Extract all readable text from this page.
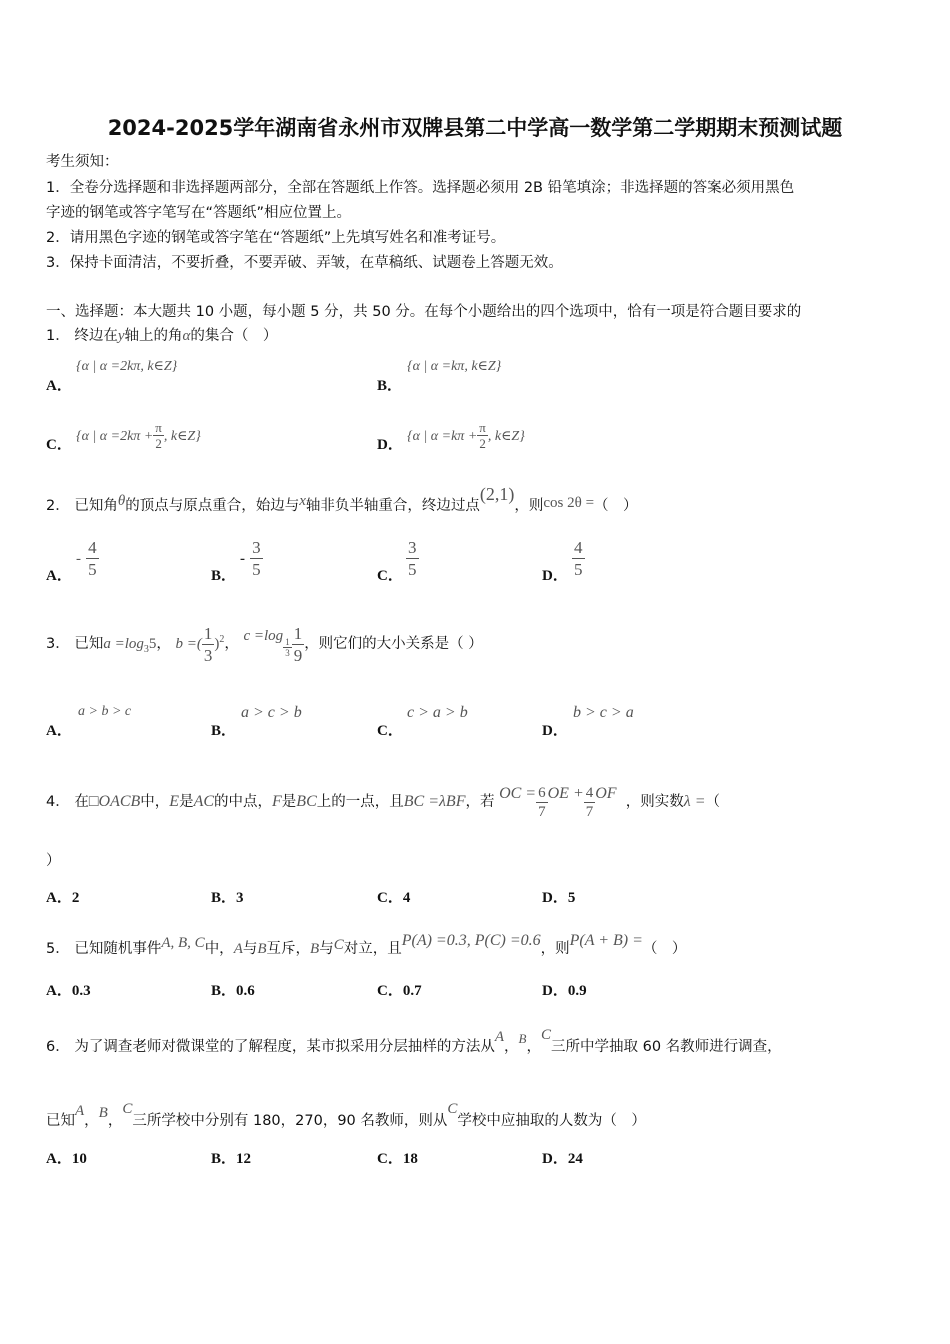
2024-2025学年湖南省永州市双牌县第二中学高一数学第二学期期末预测试题
考生须知：
1．全卷分选择题和非选择题两部分，全部在答题纸上作答。选择题必须用 2B 铅笔填涂；非选择题的答案必须用黑色
字迹的钢笔或答字笔写在“答题纸”相应位置上。
2．请用黑色字迹的钢笔或答字笔在“答题纸”上先填写姓名和准考证号。
3．保持卡面清洁，不要折叠，不要弄破、弄皱，在草稿纸、试题卷上答题无效。
一、选择题：本大题共 10 小题，每小题 5 分，共 50 分。在每个小题给出的四个选项中，恰有一项是符合题目要求的
1． 终边在y轴上的角α的集合（　）
A．
{α | α =2kπ, k∈Z}
B．
{α | α =kπ, k∈Z}
C．
{α | $\alpha =2k\pi + \frac{\pi}{2}$ , k∈Z}
D．
{α | $\alpha =k\pi + \frac{\pi}{2}$ , k∈Z}
2． 已知角θ的顶点与原点重合，始边与x轴非负半轴重合，终边过点(2,1)，则cos 2θ =（　）
A．
- $\frac{4}{5}$	B．
- $\frac{3}{5}$	C． $\frac{3}{5}$	D． $\frac{4}{5}$
3． 已知$a =\log_35$， b =( $\frac{1}{3} )^2$， c =log
$\frac{1}{3} \frac{1}{9}$ ，则它们的大小关系是（ ）
A．
a > b > c
B．
a > c > b
C．
c > a > b
D．
b > c > a
4． 在□OACB中，E是AC的中点，F是BC上的一点，且BC =λBF，若 OC = $\frac{6}{7}$ OE + $\frac{4}{7}$ OF ，则实数λ =（
）
A．2	B．3	C．4	D．5
5． 已知随机事件A, B, C中，A与B互斥，B与C对立，且P(A) =0.3, P(C) =0.6，则P(A + B) =（　）
A．0.3	B．0.6	C．0.7	D．0.9
6． 为了调查老师对微课堂的了解程度，某市拟采用分层抽样的方法从A，B，C三所中学抽取 60 名教师进行调查，
已知A，B，C三所学校中分别有 180，270，90 名教师，则从C学校中应抽取的人数为（　）
A．10	B．12	C．18	D．24
